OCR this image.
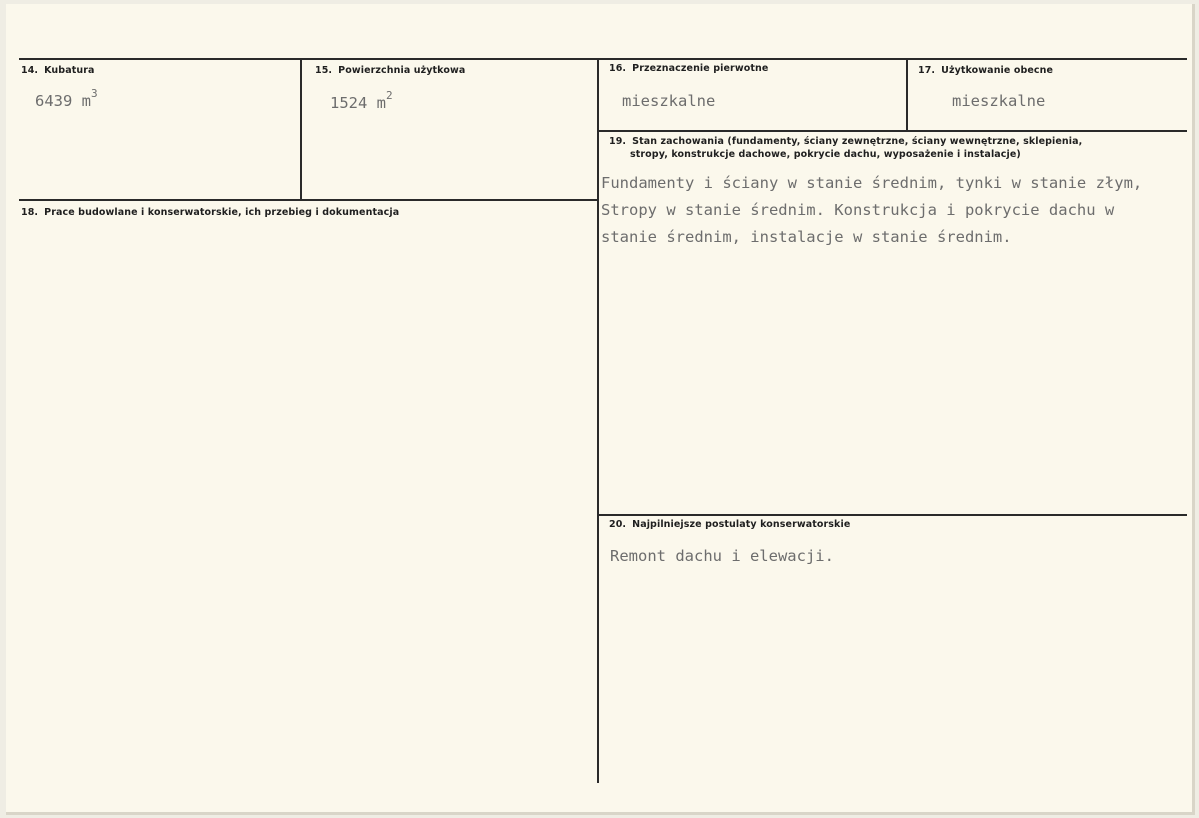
14. Kubatura
6439 $m^3$
15. Powierzchnia użytkowa
1524 $m^2$
16. Przeznaczenie pierwotne
mieszkalne
17. Użytkowanie obecne
mieszkalne
18. Prace budowlane i konserwatorskie, ich przebieg i dokumentacja
19. Stan zachowania (fundamenty, ściany zewnętrzne, ściany wewnętrzne, sklepienia,
stropy, konstrukcje dachowe, pokrycie dachu, wyposażenie i instalacje)
Fundamenty i ściany w stanie średnim, tynki w stanie złym,
Stropy w stanie średnim. Konstrukcja i pokrycie dachu w
stanie średnim, instalacje w stanie średnim.
20. Najpilniejsze postulaty konserwatorskie
Remont dachu i elewacji.
